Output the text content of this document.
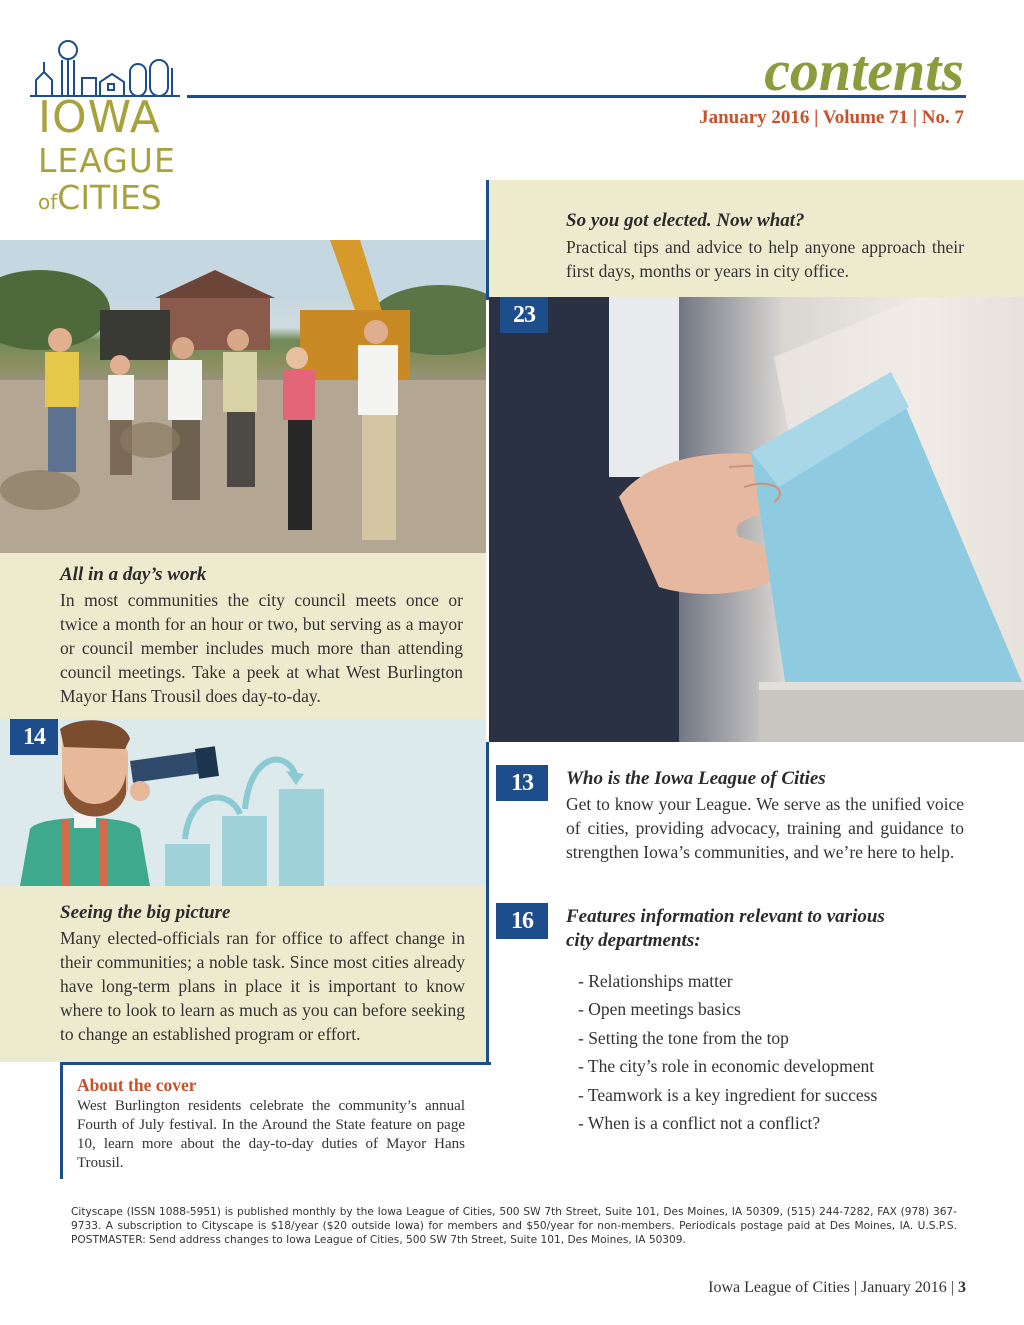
IOWA
LEAGUE
ofCITIES
contents
January 2016 | Volume 71 | No. 7
So you got elected. Now what?
Practical tips and advice to help anyone approach their first days, months or years in city office.
23
All in a day’s work
In most communities the city council meets once or twice a month for an hour or two, but serving as a mayor or council member includes much more than attending council meetings. Take a peek at what West Burlington Mayor Hans Trousil does day-to-day.
14
Seeing the big picture
Many elected-officials ran for office to affect change in their communities; a noble task. Since most cities already have long-term plans in place it is important to know where to look to learn as much as you can before seeking to change an established program or effort.
13	Who is the Iowa League of Cities
Get to know your League. We serve as the unified voice of cities, providing advocacy, training and guidance to strengthen Iowa’s communities, and we’re here to help.
16	Features information relevant to various
city departments:
- Relationships matter
- Open meetings basics
- Setting the tone from the top
- The city’s role in economic development
- Teamwork is a key ingredient for success
- When is a conflict not a conflict?
About the cover
West Burlington residents celebrate the community’s annual Fourth of July festival. In the Around the State feature on page 10, learn more about the day-to-day duties of Mayor Hans Trousil.
Cityscape (ISSN 1088-5951) is published monthly by the Iowa League of Cities, 500 SW 7th Street, Suite 101, Des Moines, IA 50309, (515) 244-7282, FAX (978) 367-9733. A subscription to Cityscape is $18/year ($20 outside Iowa) for members and $50/year for non-members. Periodicals postage paid at Des Moines, IA. U.S.P.S. POSTMASTER: Send address changes to Iowa League of Cities, 500 SW 7th Street, Suite 101, Des Moines, IA 50309.
Iowa League of Cities | January 2016 | 3
